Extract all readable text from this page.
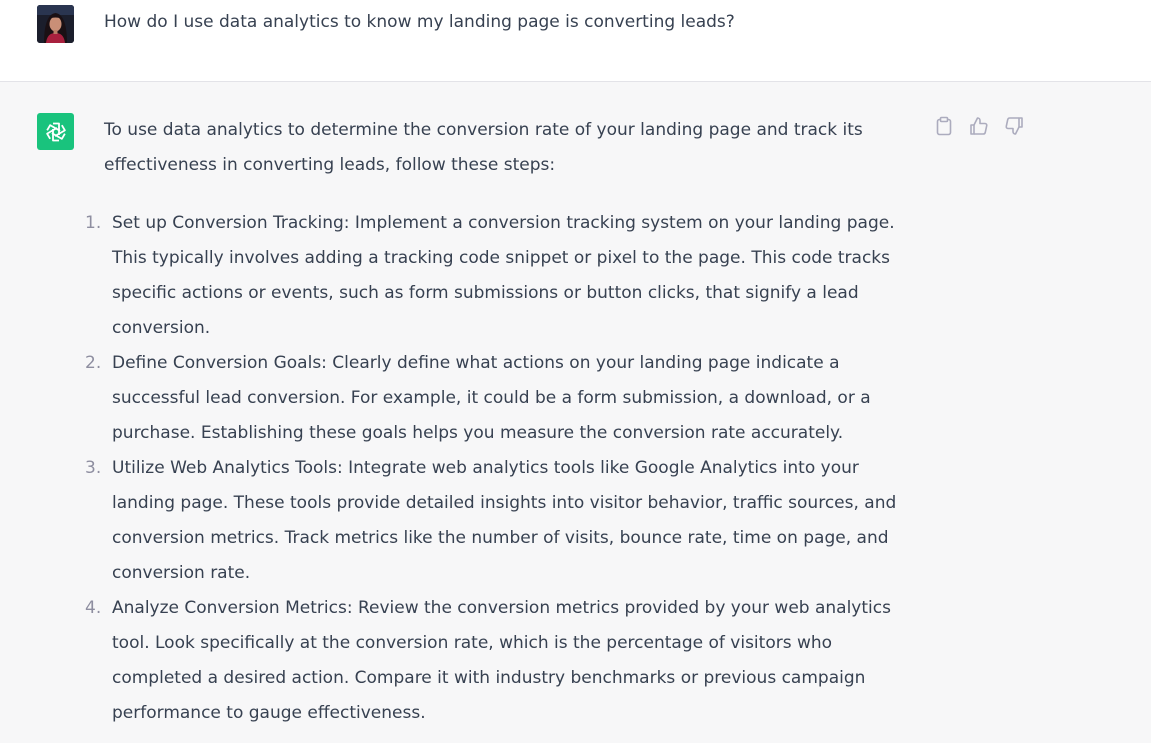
How do I use data analytics to know my landing page is converting leads?

To use data analytics to determine the conversion rate of your landing page and track its effectiveness in converting leads, follow these steps:

1. Set up Conversion Tracking: Implement a conversion tracking system on your landing page. This typically involves adding a tracking code snippet or pixel to the page. This code tracks specific actions or events, such as form submissions or button clicks, that signify a lead conversion.
2. Define Conversion Goals: Clearly define what actions on your landing page indicate a successful lead conversion. For example, it could be a form submission, a download, or a purchase. Establishing these goals helps you measure the conversion rate accurately.
3. Utilize Web Analytics Tools: Integrate web analytics tools like Google Analytics into your landing page. These tools provide detailed insights into visitor behavior, traffic sources, and conversion metrics. Track metrics like the number of visits, bounce rate, time on page, and conversion rate.
4. Analyze Conversion Metrics: Review the conversion metrics provided by your web analytics tool. Look specifically at the conversion rate, which is the percentage of visitors who completed a desired action. Compare it with industry benchmarks or previous campaign performance to gauge effectiveness.
